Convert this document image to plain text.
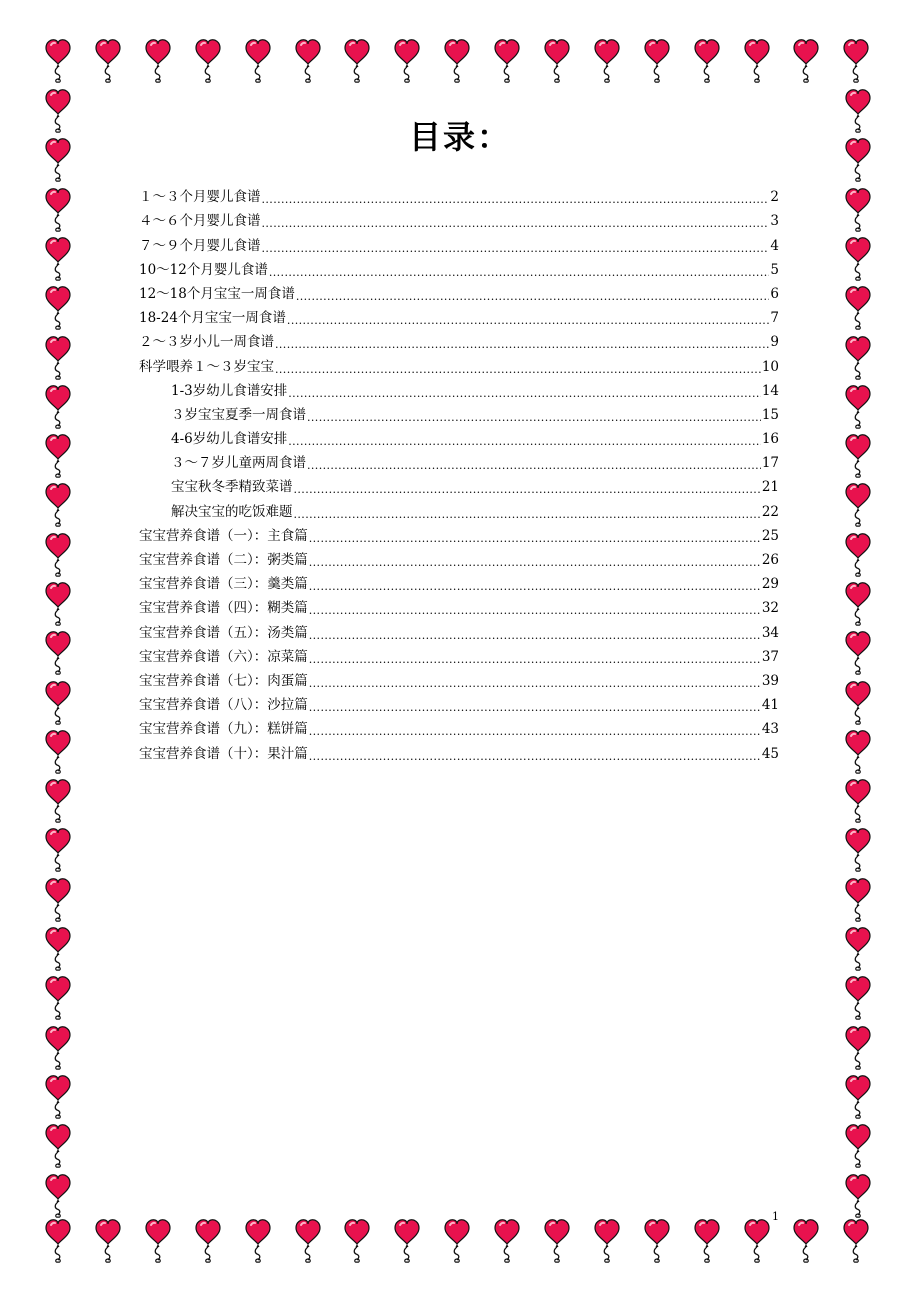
目录：
１～３个月婴儿食谱 .....	2
４～６个月婴儿食谱 .....	3
７～９个月婴儿食谱 .....	4
10～12个月婴儿食谱 .....	5
12～18个月宝宝一周食谱 .....	6
18-24个月宝宝一周食谱 .....	7
２～３岁小儿一周食谱 .....	9
科学喂养１～３岁宝宝 .....	10
1-3岁幼儿食谱安排 .....	14
３岁宝宝夏季一周食谱 .....	15
4-6岁幼儿食谱安排 .....	16
３～７岁儿童两周食谱 .....	17
宝宝秋冬季精致菜谱 .....	21
解决宝宝的吃饭难题 .....	22
宝宝营养食谱（一）：主食篇 .....	25
宝宝营养食谱（二）：粥类篇 .....	26
宝宝营养食谱（三）：羹类篇 .....	29
宝宝营养食谱（四）：糊类篇 .....	32
宝宝营养食谱（五）：汤类篇 .....	34
宝宝营养食谱（六）：凉菜篇 .....	37
宝宝营养食谱（七）：肉蛋篇 .....	39
宝宝营养食谱（八）：沙拉篇 .....	41
宝宝营养食谱（九）：糕饼篇 .....	43
宝宝营养食谱（十）：果汁篇 .....	45
1
